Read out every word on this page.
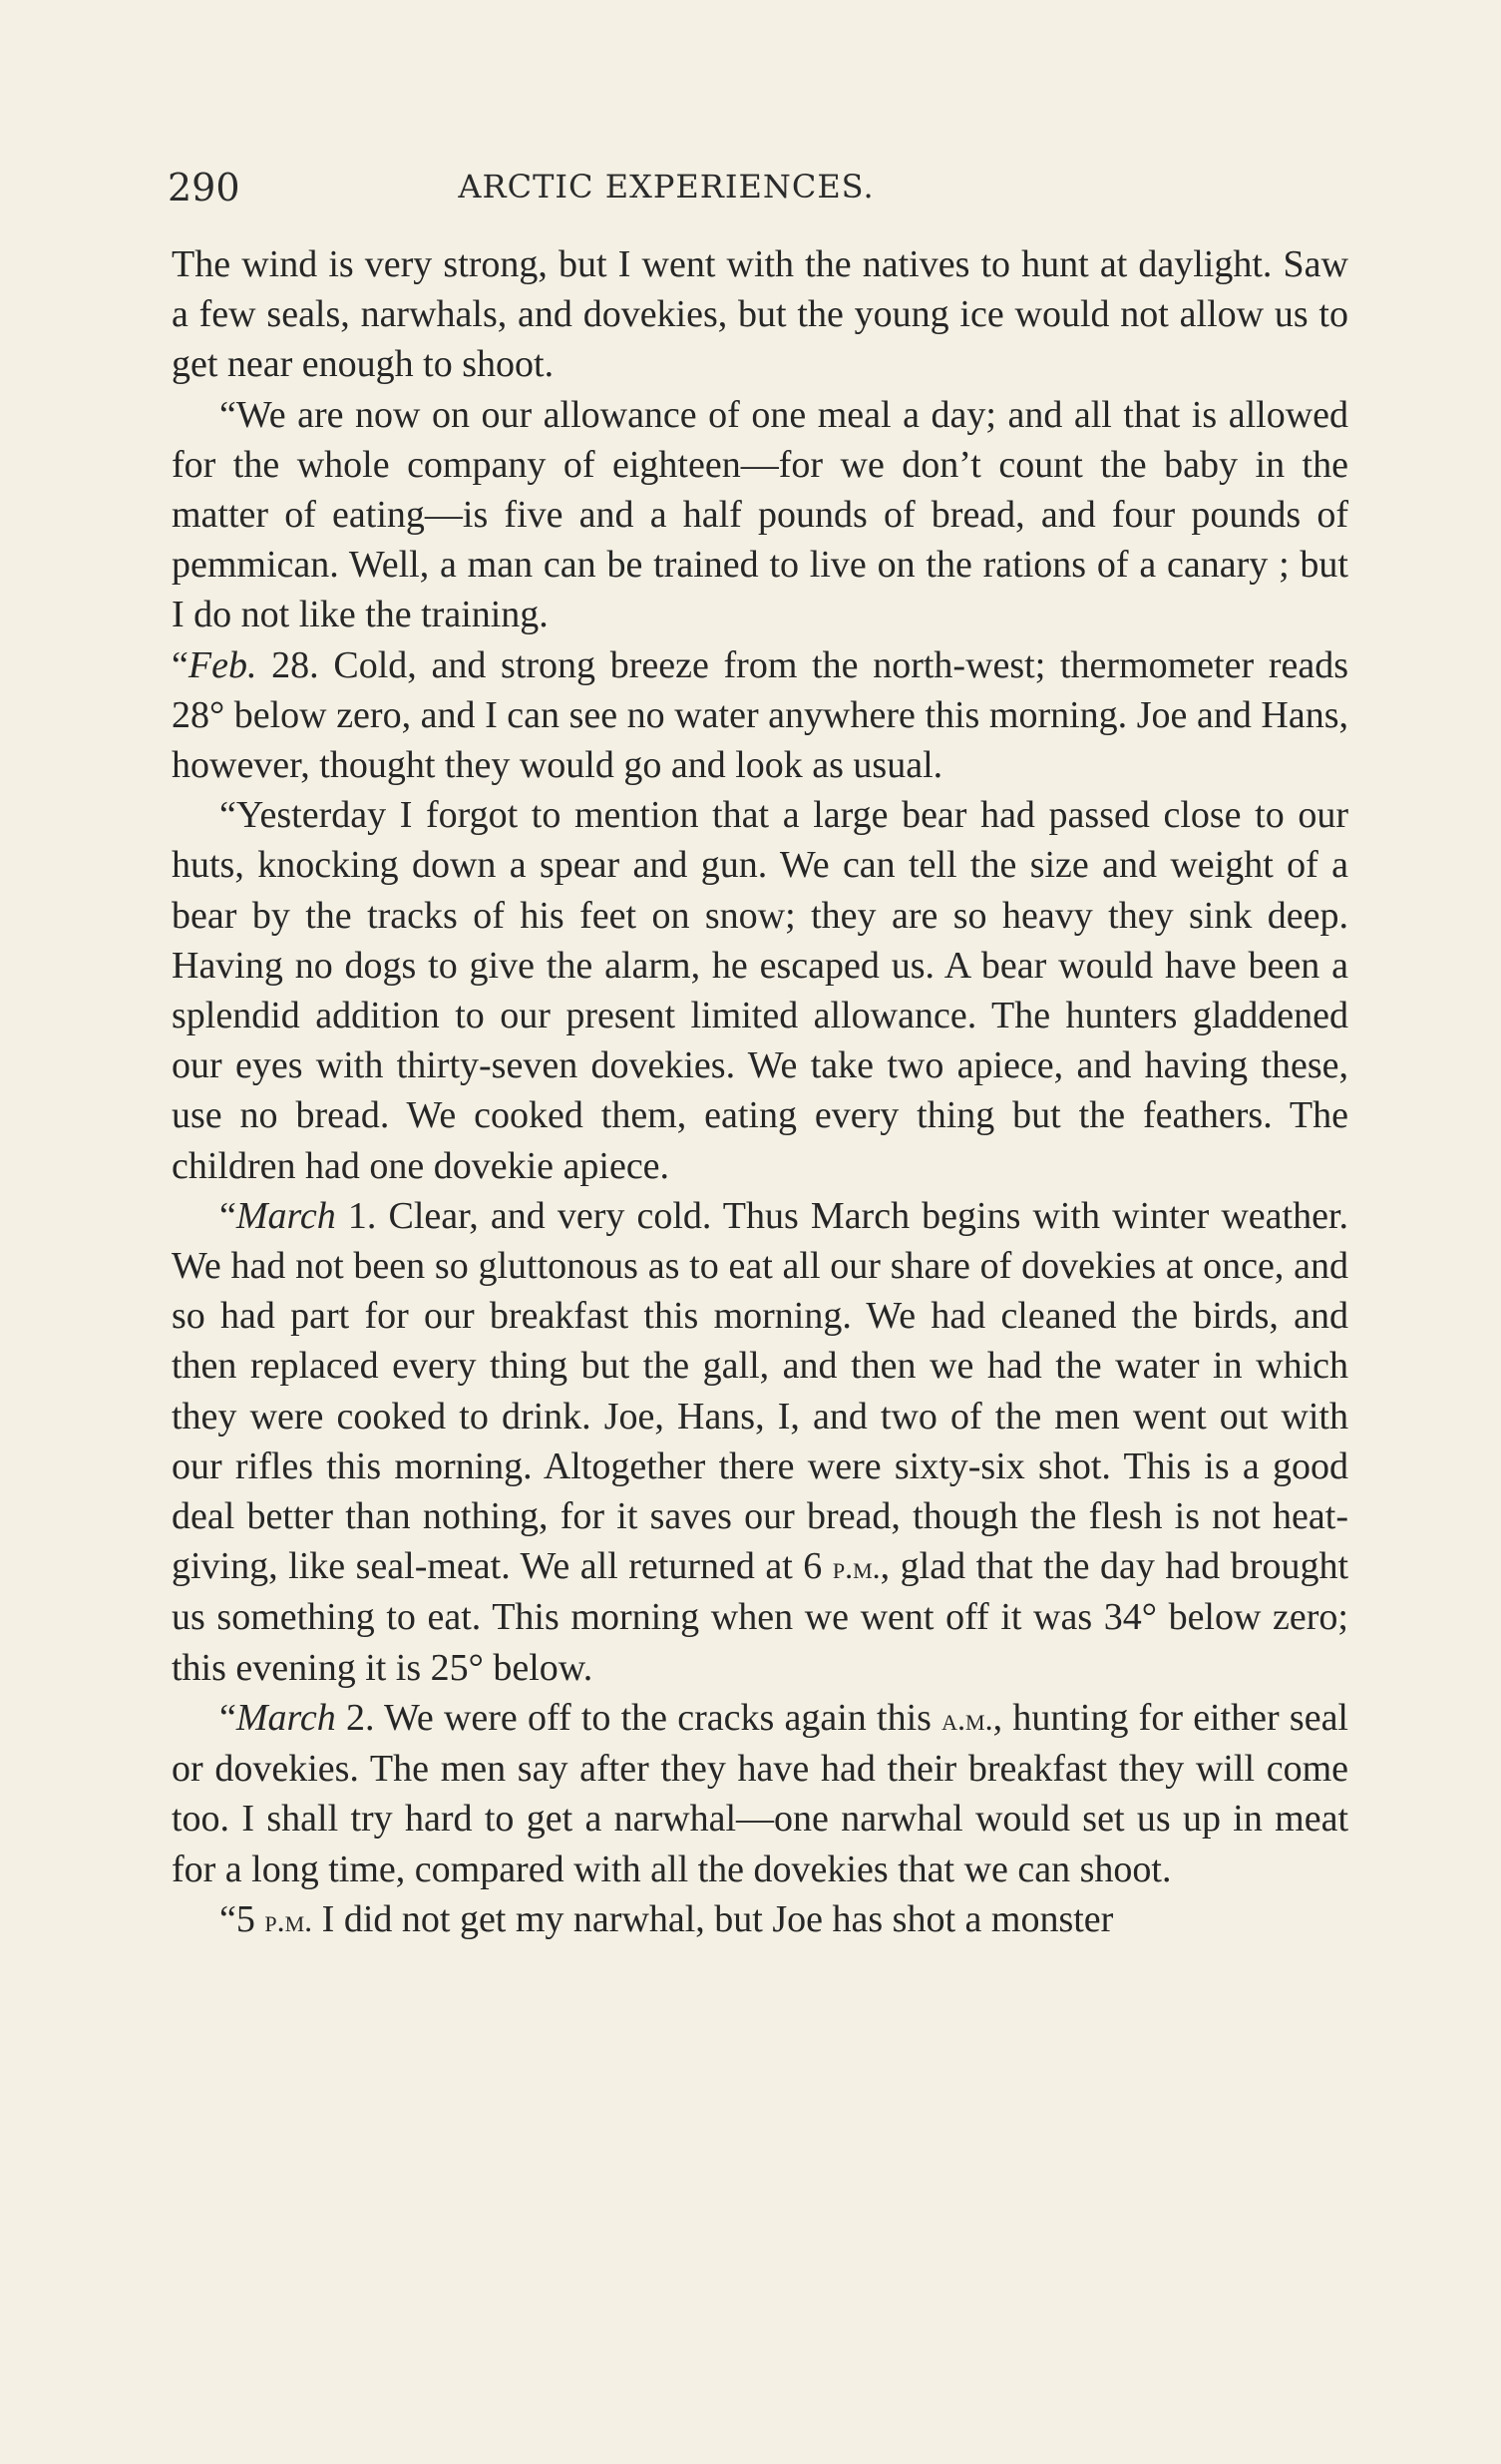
290	ARCTIC EXPERIENCES.

The wind is very strong, but I went with the natives to hunt at daylight. Saw a few seals, narwhals, and dovekies, but the young ice would not allow us to get near enough to shoot.

“We are now on our allowance of one meal a day; and all that is allowed for the whole company of eighteen—for we don’t count the baby in the matter of eating—is five and a half pounds of bread, and four pounds of pemmican. Well, a man can be trained to live on the rations of a canary ; but I do not like the training.

“Feb. 28. Cold, and strong breeze from the north-west; thermometer reads 28° below zero, and I can see no water anywhere this morning. Joe and Hans, however, thought they would go and look as usual.

“Yesterday I forgot to mention that a large bear had passed close to our huts, knocking down a spear and gun. We can tell the size and weight of a bear by the tracks of his feet on snow; they are so heavy they sink deep. Having no dogs to give the alarm, he escaped us. A bear would have been a splendid addition to our present limited allowance. The hunters gladdened our eyes with thirty-seven dovekies. We take two apiece, and having these, use no bread. We cooked them, eating every thing but the feathers. The children had one dovekie apiece.

“March 1. Clear, and very cold. Thus March begins with winter weather. We had not been so gluttonous as to eat all our share of dovekies at once, and so had part for our breakfast this morning. We had cleaned the birds, and then replaced every thing but the gall, and then we had the water in which they were cooked to drink. Joe, Hans, I, and two of the men went out with our rifles this morning. Altogether there were sixty-six shot. This is a good deal better than nothing, for it saves our bread, though the flesh is not heat-giving, like seal-meat. We all returned at 6 p.m., glad that the day had brought us something to eat. This morning when we went off it was 34° below zero; this evening it is 25° below.

“March 2. We were off to the cracks again this a.m., hunting for either seal or dovekies. The men say after they have had their breakfast they will come too. I shall try hard to get a narwhal—one narwhal would set us up in meat for a long time, compared with all the dovekies that we can shoot.

“5 p.m. I did not get my narwhal, but Joe has shot a monster
